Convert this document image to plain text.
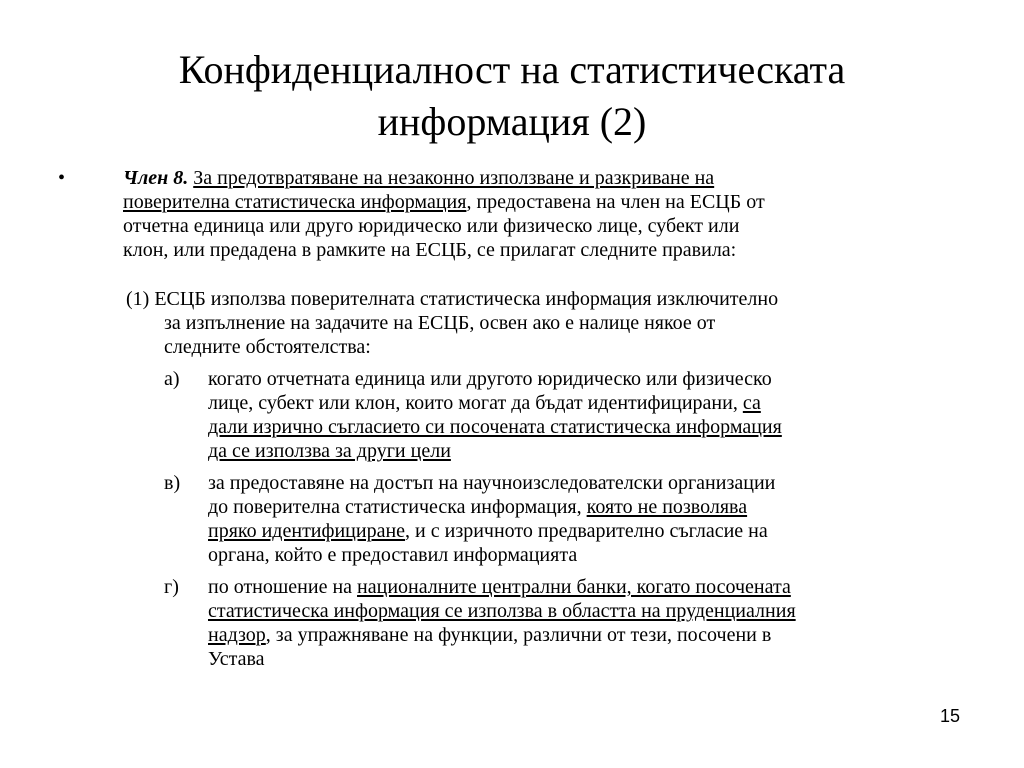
Конфиденциалност на статистическата
информация (2)
•	Член 8. За предотвратяване на незаконно използване и разкриване на
поверителна статистическа информация, предоставена на член на ЕСЦБ от
отчетна единица или друго юридическо или физическо лице, субект или
клон, или предадена в рамките на ЕСЦБ, се прилагат следните правила:
(1) ЕСЦБ използва поверителната статистическа информация изключително
за изпълнение на задачите на ЕСЦБ, освен ако е налице някое от
следните обстоятелства:
а) когато отчетната единица или другото юридическо или физическо
лице, субект или клон, които могат да бъдат идентифицирани, са
дали изрично съгласието си посочената статистическа информация
да се използва за други цели
в) за предоставяне на достъп на научноизследователски организации
до поверителна статистическа информация, която не позволява
пряко идентифициране, и с изричното предварително съгласие на
органа, който е предоставил информацията
г) по отношение на националните централни банки, когато посочената
статистическа информация се използва в областта на пруденциалния
надзор, за упражняване на функции, различни от тези, посочени в
Устава
15
